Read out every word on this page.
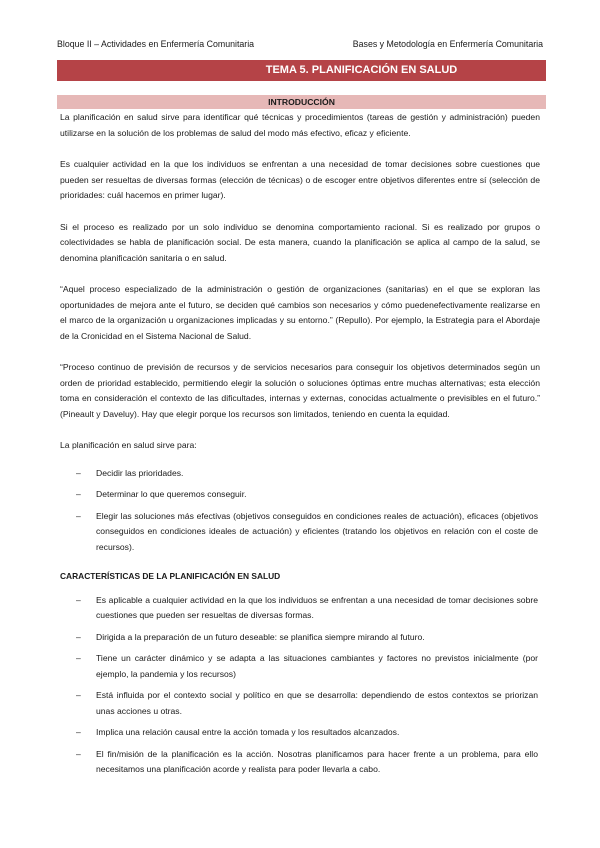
Bloque II – Actividades en Enfermería Comunitaria	Bases y Metodología en Enfermería Comunitaria
TEMA 5. PLANIFICACIÓN EN SALUD
INTRODUCCIÓN

La planificación en salud sirve para identificar qué técnicas y procedimientos (tareas de gestión y administración) pueden utilizarse en la solución de los problemas de salud del modo más efectivo, eficaz y eficiente.

Es cualquier actividad en la que los individuos se enfrentan a una necesidad de tomar decisiones sobre cuestiones que pueden ser resueltas de diversas formas (elección de técnicas) o de escoger entre objetivos diferentes entre sí (selección de prioridades: cuál hacemos en primer lugar).

Si el proceso es realizado por un solo individuo se denomina comportamiento racional. Si es realizado por grupos o colectividades se habla de planificación social. De esta manera, cuando la planificación se aplica al campo de la salud, se denomina planificación sanitaria o en salud.

“Aquel proceso especializado de la administración o gestión de organizaciones (sanitarias) en el que se exploran las oportunidades de mejora ante el futuro, se deciden qué cambios son necesarios y cómo puedenefectivamente realizarse en el marco de la organización u organizaciones implicadas y su entorno.” (Repullo). Por ejemplo, la Estrategia para el Abordaje de la Cronicidad en el Sistema Nacional de Salud.

“Proceso continuo de previsión de recursos y de servicios necesarios para conseguir los objetivos determinados según un orden de prioridad establecido, permitiendo elegir la solución o soluciones óptimas entre muchas alternativas; esta elección toma en consideración el contexto de las dificultades, internas y externas, conocidas actualmente o previsibles en el futuro.” (Pineault y Daveluy). Hay que elegir porque los recursos son limitados, teniendo en cuenta la equidad.

La planificación en salud sirve para:

–	Decidir las prioridades.
–	Determinar lo que queremos conseguir.
–	Elegir las soluciones más efectivas (objetivos conseguidos en condiciones reales de actuación), eficaces (objetivos conseguidos en condiciones ideales de actuación) y eficientes (tratando los objetivos en relación con el coste de recursos).
CARACTERÍSTICAS DE LA PLANIFICACIÓN EN SALUD
–	Es aplicable a cualquier actividad en la que los individuos se enfrentan a una necesidad de tomar decisiones sobre cuestiones que pueden ser resueltas de diversas formas.
–	Dirigida a la preparación de un futuro deseable: se planifica siempre mirando al futuro.
–	Tiene un carácter dinámico y se adapta a las situaciones cambiantes y factores no previstos inicialmente (por ejemplo, la pandemia y los recursos)
–	Está influida por el contexto social y político en que se desarrolla: dependiendo de estos contextos se priorizan unas acciones u otras.
–	Implica una relación causal entre la acción tomada y los resultados alcanzados.
–	El fin/misión de la planificación es la acción. Nosotras planificamos para hacer frente a un problema, para ello necesitamos una planificación acorde y realista para poder llevarla a cabo.
